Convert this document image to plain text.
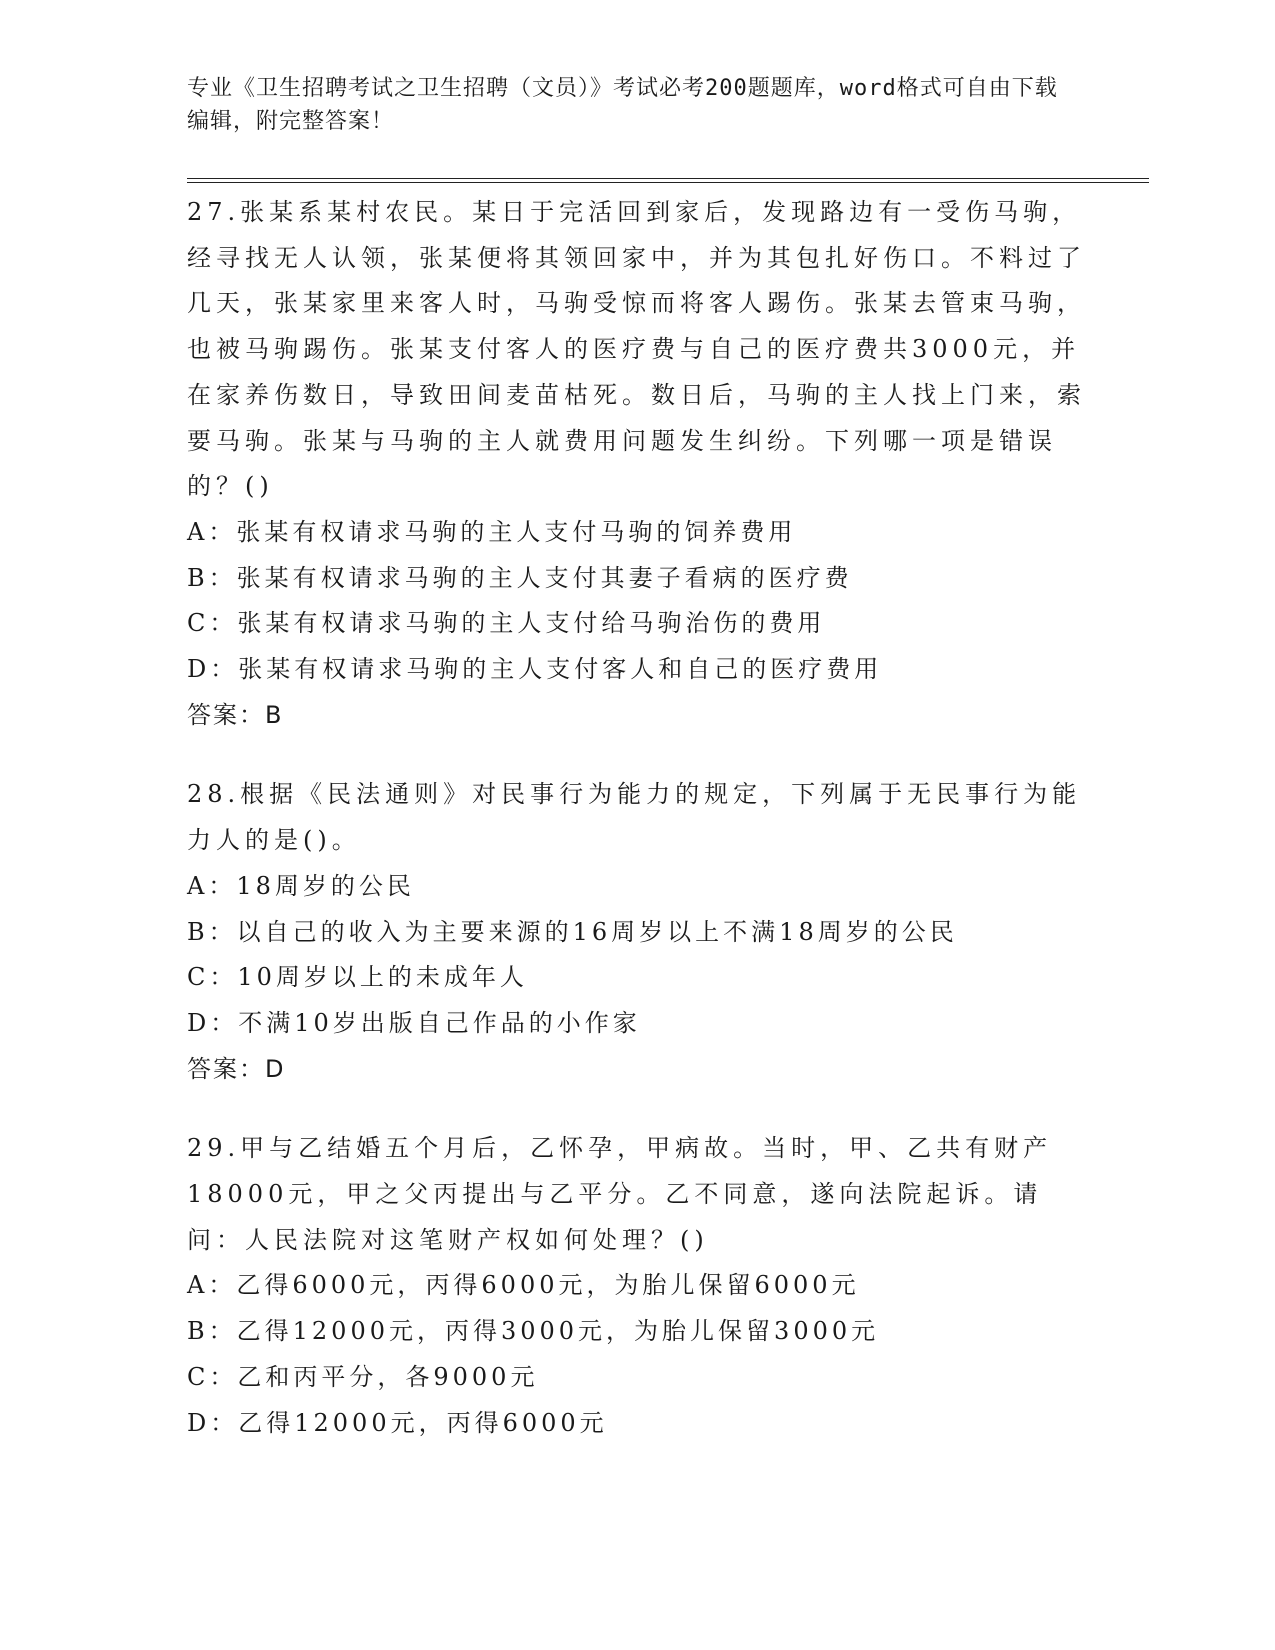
专业《卫生招聘考试之卫生招聘（文员）》考试必考200题题库，word格式可自由下载编辑，附完整答案！

27.张某系某村农民。某日于完活回到家后，发现路边有一受伤马驹，经寻找无人认领，张某便将其领回家中，并为其包扎好伤口。不料过了几天，张某家里来客人时，马驹受惊而将客人踢伤。张某去管束马驹，也被马驹踢伤。张某支付客人的医疗费与自己的医疗费共3000元，并在家养伤数日，导致田间麦苗枯死。数日后，马驹的主人找上门来，索要马驹。张某与马驹的主人就费用问题发生纠纷。下列哪一项是错误的？()

A：张某有权请求马驹的主人支付马驹的饲养费用

B：张某有权请求马驹的主人支付其妻子看病的医疗费

C：张某有权请求马驹的主人支付给马驹治伤的费用

D：张某有权请求马驹的主人支付客人和自己的医疗费用

答案：B

28.根据《民法通则》对民事行为能力的规定，下列属于无民事行为能力人的是()。

A：18周岁的公民

B：以自己的收入为主要来源的16周岁以上不满18周岁的公民

C：10周岁以上的未成年人

D：不满10岁出版自己作品的小作家

答案：D

29.甲与乙结婚五个月后，乙怀孕，甲病故。当时，甲、乙共有财产18000元，甲之父丙提出与乙平分。乙不同意，遂向法院起诉。请问：人民法院对这笔财产权如何处理？()

A：乙得6000元，丙得6000元，为胎儿保留6000元

B：乙得12000元，丙得3000元，为胎儿保留3000元

C：乙和丙平分，各9000元

D：乙得12000元，丙得6000元
